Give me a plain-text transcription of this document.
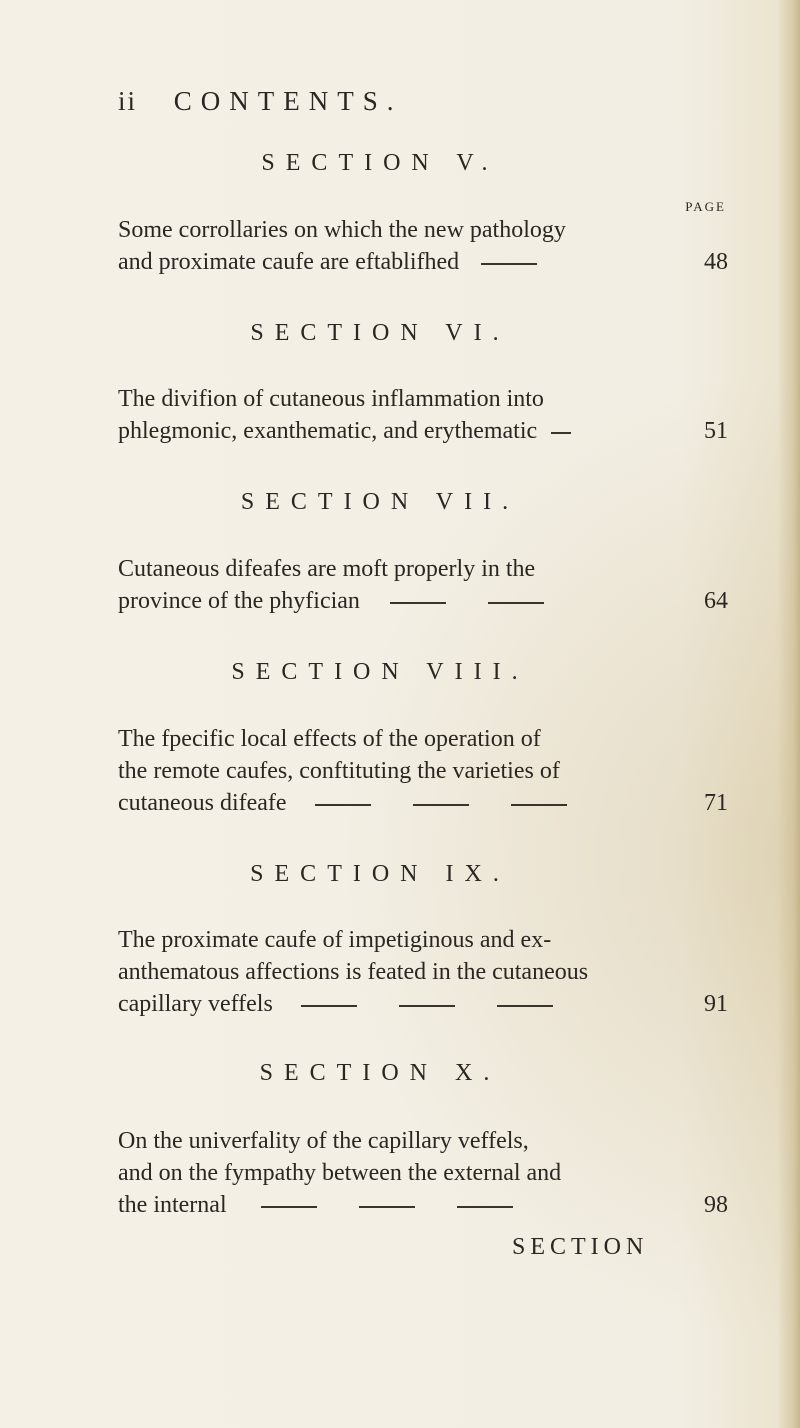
ii CONTENTS.
SECTION V.
PAGE
Some corrollaries on which the new pathology
and proximate caufe are eftablifhed	48
SECTION VI.
The divifion of cutaneous inflammation into
phlegmonic, exanthematic, and erythematic	51
SECTION VII.
Cutaneous difeafes are moft properly in the
province of the phyfician	64
SECTION VIII.
The fpecific local effects of the operation of
the remote caufes, conftituting the varieties of
cutaneous difeafe	71
SECTION IX.
The proximate caufe of impetiginous and ex-
anthematous affections is feated in the cutaneous
capillary veffels	91
SECTION X.
On the univerfality of the capillary veffels,
and on the fympathy between the external and
the internal	98
SECTION
